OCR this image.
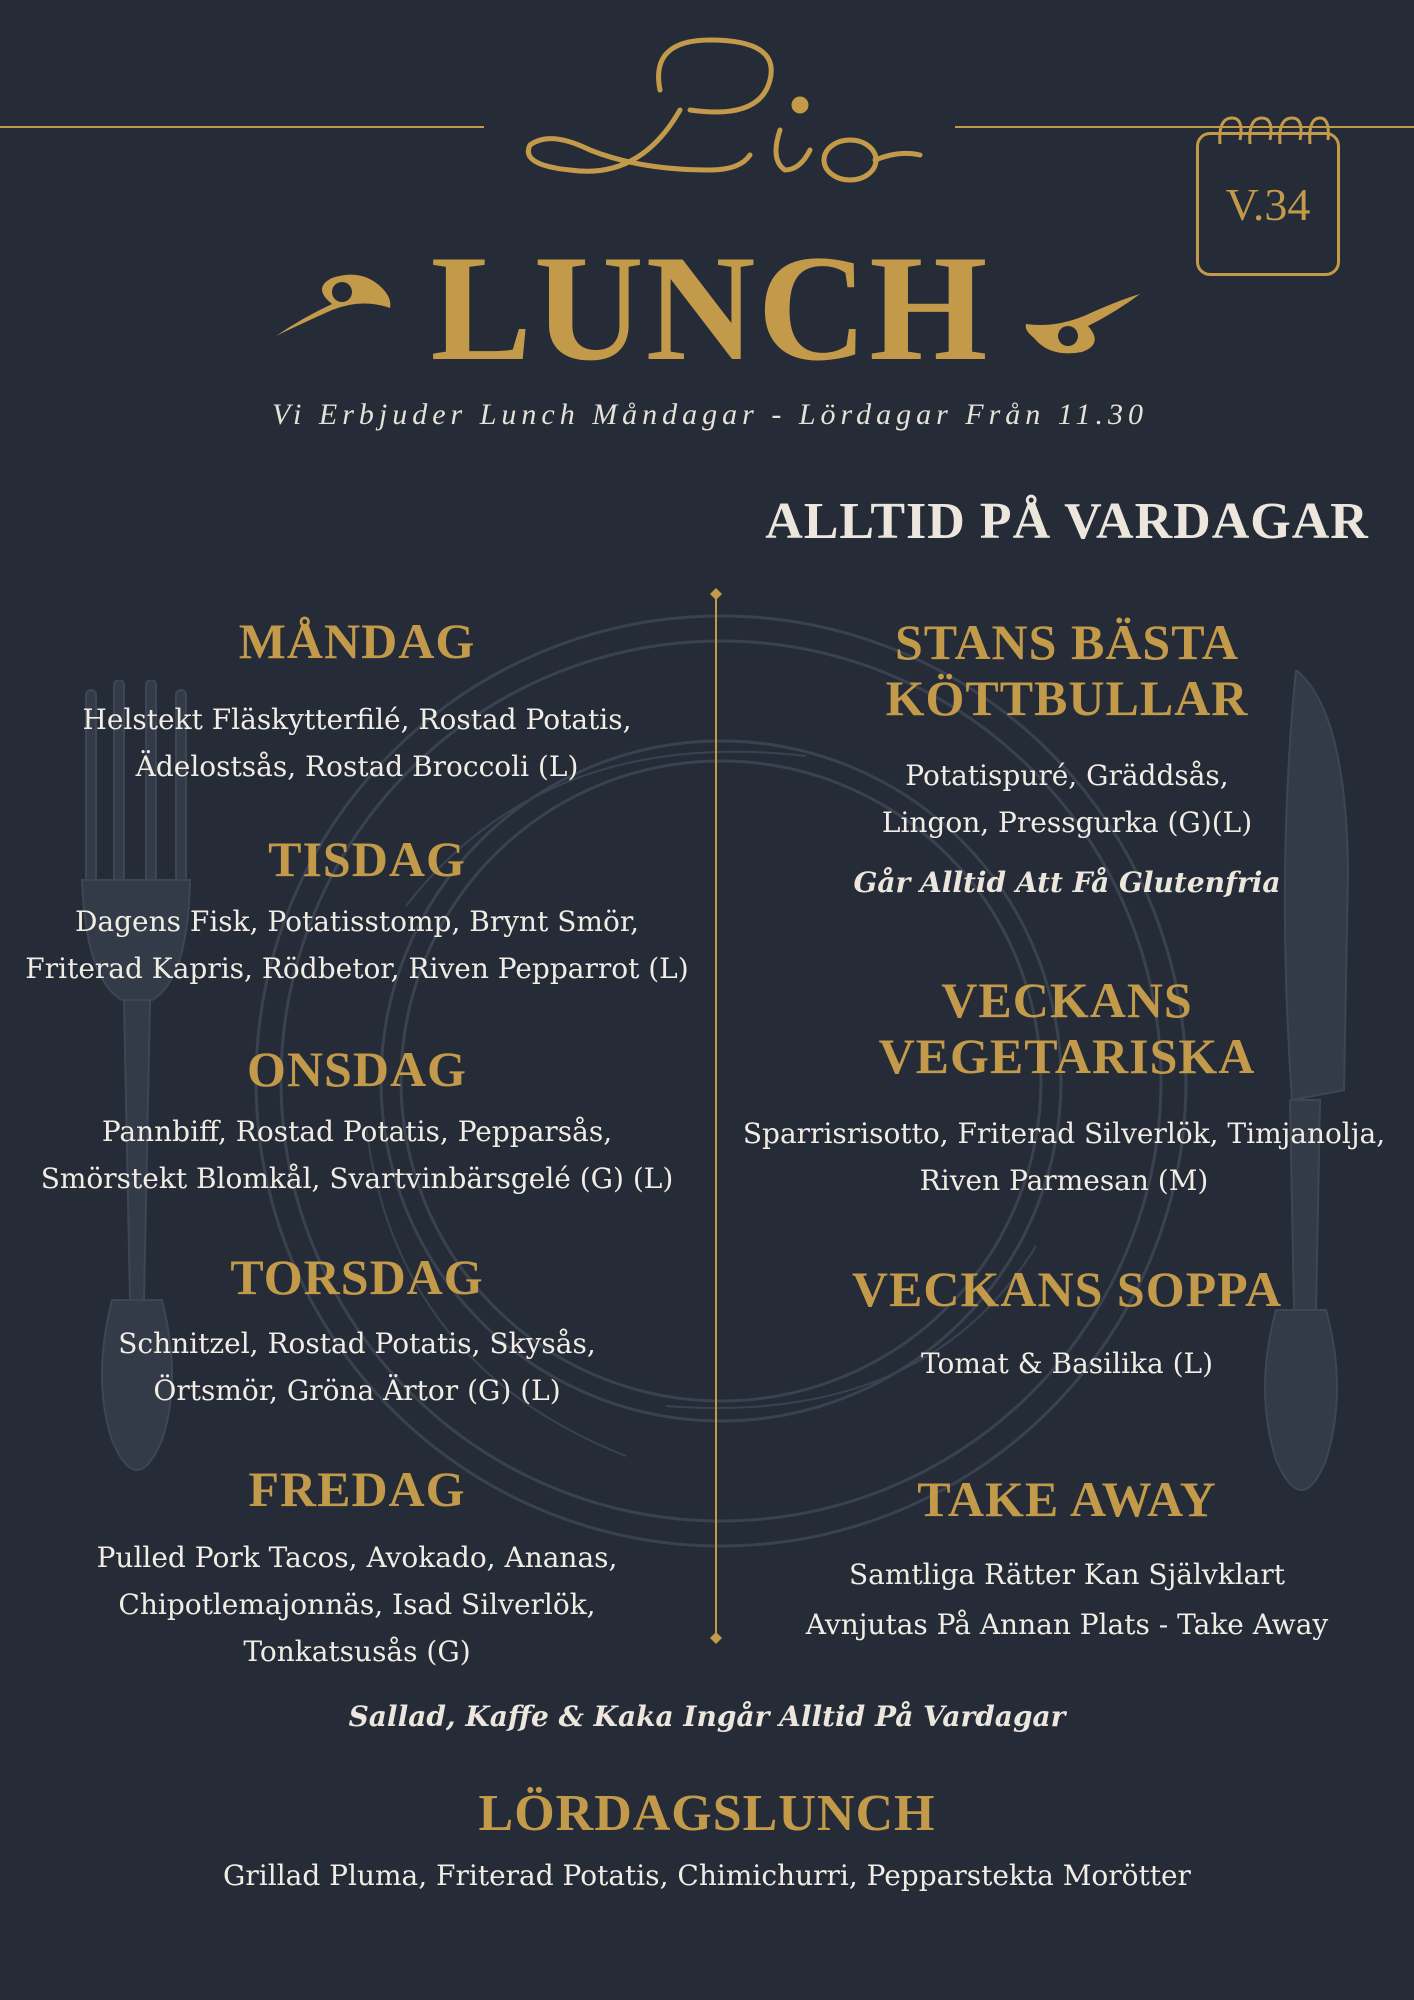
V.34
LUNCH
Vi Erbjuder Lunch Måndagar - Lördagar Från 11.30
ALLTID PÅ VARDAGAR
MÅNDAG
Helstekt Fläskytterfilé, Rostad Potatis,
Ädelostsås, Rostad Broccoli (L)
TISDAG
Dagens Fisk, Potatisstomp, Brynt Smör,
Friterad Kapris, Rödbetor, Riven Pepparrot (L)
ONSDAG
Pannbiff, Rostad Potatis, Pepparsås,
Smörstekt Blomkål, Svartvinbärsgelé (G) (L)
TORSDAG
Schnitzel, Rostad Potatis, Skysås,
Örtsmör, Gröna Ärtor (G) (L)
FREDAG
Pulled Pork Tacos, Avokado, Ananas,
Chipotlemajonnäs, Isad Silverlök,
Tonkatsusås (G)
STANS BÄSTA
KÖTTBULLAR
Potatispuré, Gräddsås,
Lingon, Pressgurka (G)(L)
Går Alltid Att Få Glutenfria
VECKANS
VEGETARISKA
Sparrisrisotto, Friterad Silverlök, Timjanolja,
Riven Parmesan (M)
VECKANS SOPPA
Tomat & Basilika (L)
TAKE AWAY
Samtliga Rätter Kan Självklart
Avnjutas På Annan Plats - Take Away
Sallad, Kaffe & Kaka Ingår Alltid På Vardagar
LÖRDAGSLUNCH
Grillad Pluma, Friterad Potatis, Chimichurri, Pepparstekta Morötter
